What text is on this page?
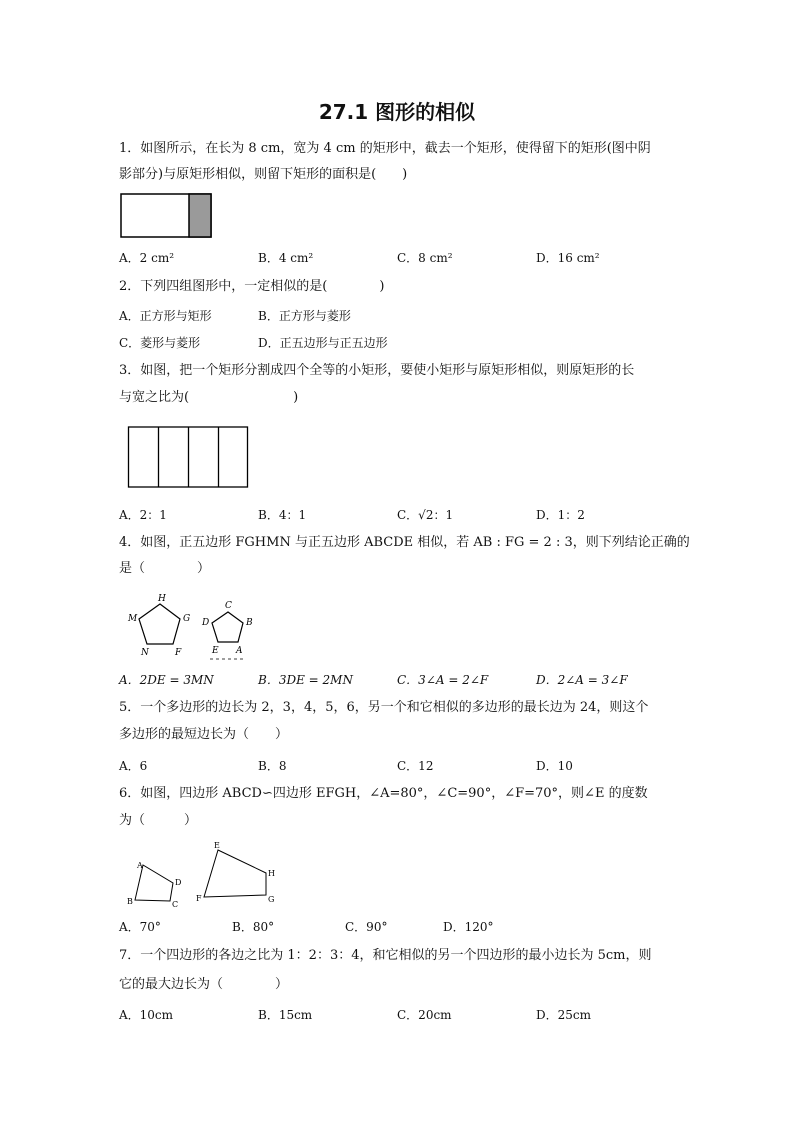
27.1 图形的相似
1．如图所示，在长为 8 cm，宽为 4 cm 的矩形中，截去一个矩形，使得留下的矩形(图中阴
影部分)与原矩形相似，则留下矩形的面积是(　　)
A．2 cm²	B．4 cm²	C．8 cm²	D．16 cm²
2．下列四组图形中，一定相似的是(　　　　)
A．正方形与矩形	B．正方形与菱形
C．菱形与菱形	D．正五边形与正五边形
3．如图，把一个矩形分割成四个全等的小矩形，要使小矩形与原矩形相似，则原矩形的长
与宽之比为(　　　　　　　　)
A．2：1	B．4：1	C．√2：1	D．1：2
4．如图，正五边形 FGHMN 与正五边形 ABCDE 相似，若 AB : FG = 2 : 3，则下列结论正确的
是（　　　　）
H
G
M
N	F
C
D	B
E A
A．2DE = 3MN	B．3DE = 2MN	C．3∠A = 2∠F	D．2∠A = 3∠F
5．一个多边形的边长为 2，3，4，5，6，另一个和它相似的多边形的最长边为 24，则这个
多边形的最短边长为（　　）
A．6	B．8	C．12	D．10
6．如图，四边形 ABCD∽四边形 EFGH，∠A=80°，∠C=90°，∠F=70°，则∠E 的度数
为（　　　）
A
B	C
D
E
F	G
H
A．70°	B．80°	C．90°	D．120°
7．一个四边形的各边之比为 1：2：3：4，和它相似的另一个四边形的最小边长为 5cm，则
它的最大边长为（　　　　）
A．10cm	B．15cm	C．20cm	D．25cm
